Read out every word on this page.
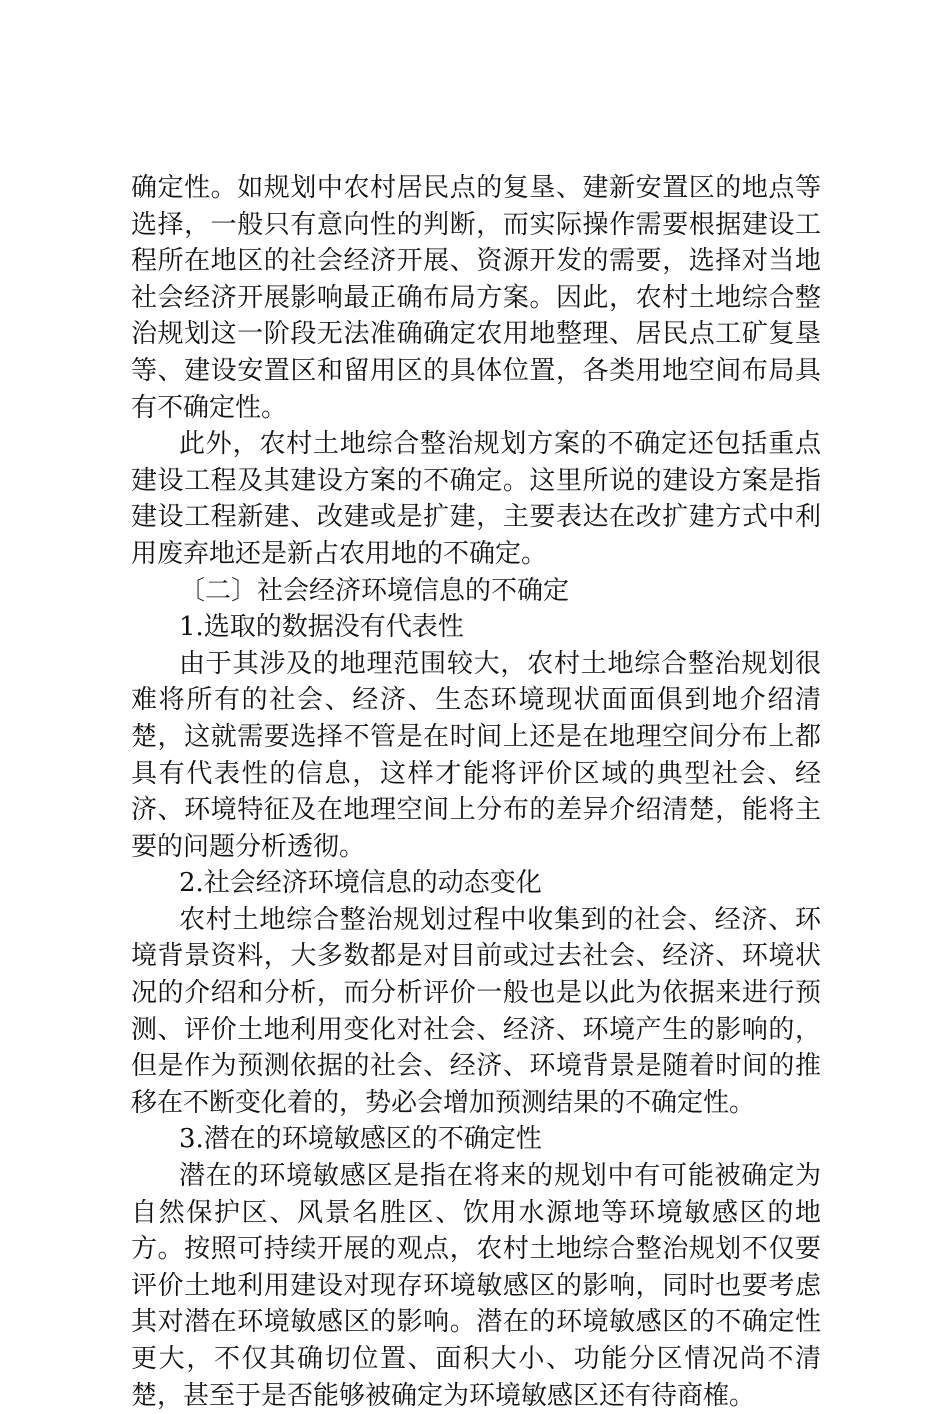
确定性。如规划中农村居民点的复垦、建新安置区的地点等选择，一般只有意向性的判断，而实际操作需要根据建设工程所在地区的社会经济开展、资源开发的需要，选择对当地社会经济开展影响最正确布局方案。因此，农村土地综合整治规划这一阶段无法准确确定农用地整理、居民点工矿复垦等、建设安置区和留用区的具体位置，各类用地空间布局具有不确定性。

此外，农村土地综合整治规划方案的不确定还包括重点建设工程及其建设方案的不确定。这里所说的建设方案是指建设工程新建、改建或是扩建，主要表达在改扩建方式中利用废弃地还是新占农用地的不确定。

〔二〕社会经济环境信息的不确定

1.选取的数据没有代表性

由于其涉及的地理范围较大，农村土地综合整治规划很难将所有的社会、经济、生态环境现状面面俱到地介绍清楚，这就需要选择不管是在时间上还是在地理空间分布上都具有代表性的信息，这样才能将评价区域的典型社会、经济、环境特征及在地理空间上分布的差异介绍清楚，能将主要的问题分析透彻。

2.社会经济环境信息的动态变化

农村土地综合整治规划过程中收集到的社会、经济、环境背景资料，大多数都是对目前或过去社会、经济、环境状况的介绍和分析，而分析评价一般也是以此为依据来进行预测、评价土地利用变化对社会、经济、环境产生的影响的，但是作为预测依据的社会、经济、环境背景是随着时间的推移在不断变化着的，势必会增加预测结果的不确定性。

3.潜在的环境敏感区的不确定性

潜在的环境敏感区是指在将来的规划中有可能被确定为自然保护区、风景名胜区、饮用水源地等环境敏感区的地方。按照可持续开展的观点，农村土地综合整治规划不仅要评价土地利用建设对现存环境敏感区的影响，同时也要考虑其对潜在环境敏感区的影响。潜在的环境敏感区的不确定性更大，不仅其确切位置、面积大小、功能分区情况尚不清楚，甚至于是否能够被确定为环境敏感区还有待商榷。
